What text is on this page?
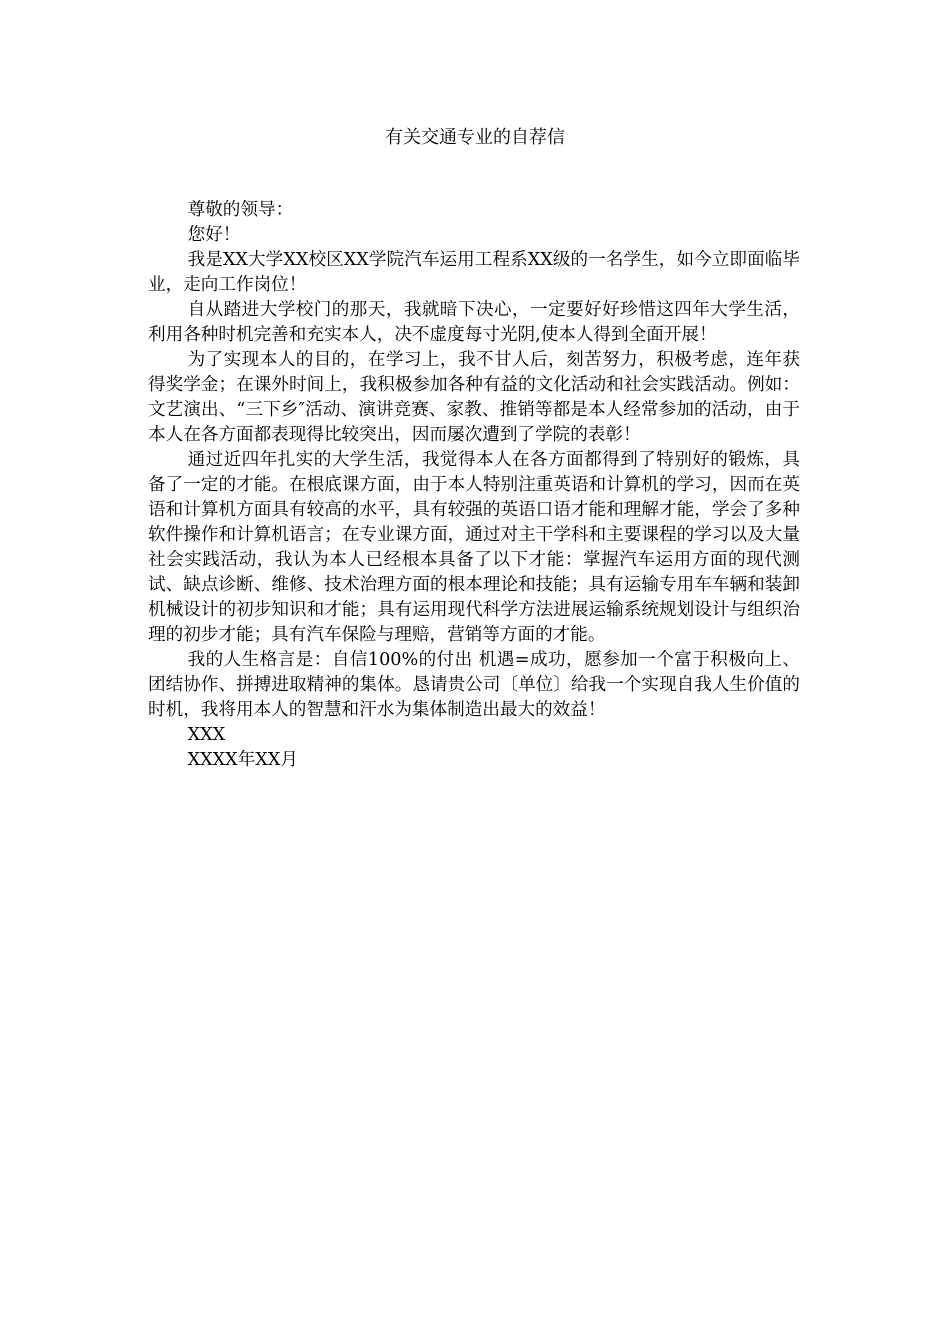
有关交通专业的自荐信

尊敬的领导：

您好！

我是XX大学XX校区XX学院汽车运用工程系XX级的一名学生，如今立即面临毕业，走向工作岗位！

自从踏进大学校门的那天，我就暗下决心，一定要好好珍惜这四年大学生活，利用各种时机完善和充实本人，决不虚度每寸光阴,使本人得到全面开展！

为了实现本人的目的，在学习上，我不甘人后，刻苦努力，积极考虑，连年获得奖学金；在课外时间上，我积极参加各种有益的文化活动和社会实践活动。例如：文艺演出、“三下乡″活动、演讲竞赛、家教、推销等都是本人经常参加的活动，由于本人在各方面都表现得比较突出，因而屡次遭到了学院的表彰！

通过近四年扎实的大学生活，我觉得本人在各方面都得到了特别好的锻炼，具备了一定的才能。在根底课方面，由于本人特别注重英语和计算机的学习，因而在英语和计算机方面具有较高的水平，具有较强的英语口语才能和理解才能，学会了多种软件操作和计算机语言；在专业课方面，通过对主干学科和主要课程的学习以及大量社会实践活动，我认为本人已经根本具备了以下才能：掌握汽车运用方面的现代测试、缺点诊断、维修、技术治理方面的根本理论和技能；具有运输专用车车辆和装卸机械设计的初步知识和才能；具有运用现代科学方法进展运输系统规划设计与组织治理的初步才能；具有汽车保险与理赔，营销等方面的才能。

我的人生格言是：自信100%的付出 机遇=成功，愿参加一个富于积极向上、团结协作、拼搏进取精神的集体。恳请贵公司〔单位〕给我一个实现自我人生价值的时机，我将用本人的智慧和汗水为集体制造出最大的效益！

XXX

XXXX年XX月
